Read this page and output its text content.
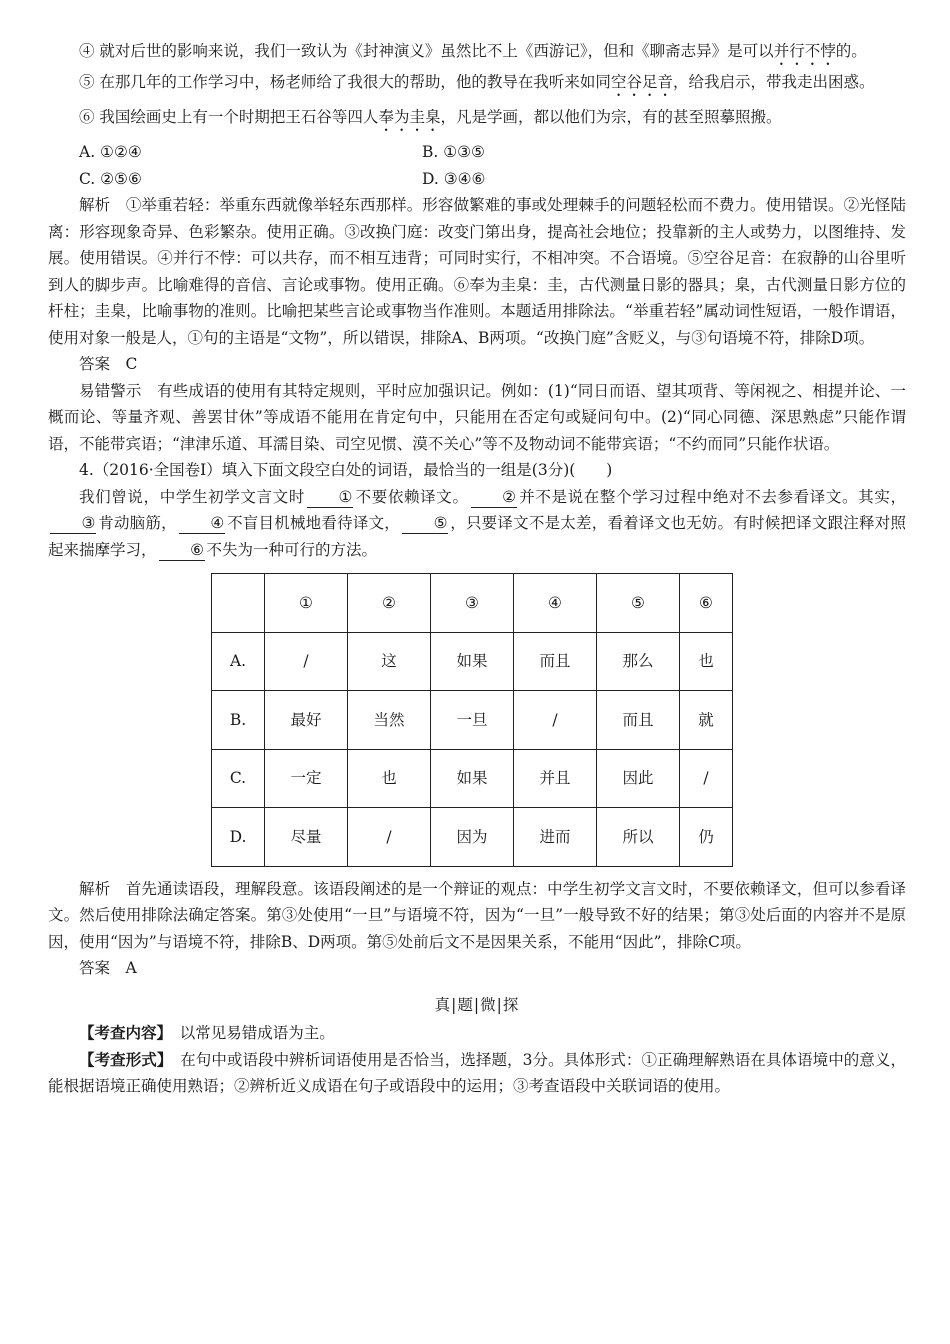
④ 就对后世的影响来说，我们一致认为《封神演义》虽然比不上《西游记》，但和《聊斋志异》是可以并行不悖的。

⑤ 在那几年的工作学习中，杨老师给了我很大的帮助，他的教导在我听来如同空谷足音，给我启示，带我走出困惑。

⑥ 我国绘画史上有一个时期把王石谷等四人奉为圭臬，凡是学画，都以他们为宗，有的甚至照摹照搬。

A. ①②④	B. ①③⑤
C. ②⑤⑥	D. ③④⑥

解析　①举重若轻：举重东西就像举轻东西那样。形容做繁难的事或处理棘手的问题轻松而不费力。使用错误。②光怪陆离：形容现象奇异、色彩繁杂。使用正确。③改换门庭：改变门第出身，提高社会地位；投靠新的主人或势力，以图维持、发展。使用错误。④并行不悖：可以共存，而不相互违背；可同时实行，不相冲突。不合语境。⑤空谷足音：在寂静的山谷里听到人的脚步声。比喻难得的音信、言论或事物。使用正确。⑥奉为圭臬：圭，古代测量日影的器具；臬，古代测量日影方位的杆柱；圭臬，比喻事物的准则。比喻把某些言论或事物当作准则。本题适用排除法。“举重若轻”属动词性短语，一般作谓语，使用对象一般是人，①句的主语是“文物”，所以错误，排除A、B两项。“改换门庭”含贬义，与③句语境不符，排除D项。

答案　C

易错警示　有些成语的使用有其特定规则，平时应加强识记。例如：(1)“同日而语、望其项背、等闲视之、相提并论、一概而论、等量齐观、善罢甘休”等成语不能用在肯定句中，只能用在否定句或疑问句中。(2)“同心同德、深思熟虑”只能作谓语，不能带宾语；“津津乐道、耳濡目染、司空见惯、漠不关心”等不及物动词不能带宾语；“不约而同”只能作状语。

4.（2016·全国卷Ⅰ）填入下面文段空白处的词语，最恰当的一组是(3分)(　　)

我们曾说，中学生初学文言文时 ① 不要依赖译文。 ② 并不是说在整个学习过程中绝对不去参看译文。其实，③ 肯动脑筋， ④ 不盲目机械地看待译文， ⑤ ，只要译文不是太差，看着译文也无妨。有时候把译文跟注释对照起来揣摩学习， ⑥ 不失为一种可行的方法。

	①	②	③	④	⑤	⑥
A.	/	这	如果	而且	那么	也
B.	最好	当然	一旦	/	而且	就
C.	一定	也	如果	并且	因此	/
D.	尽量	/	因为	进而	所以	仍

解析　首先通读语段，理解段意。该语段阐述的是一个辩证的观点：中学生初学文言文时，不要依赖译文，但可以参看译文。然后使用排除法确定答案。第③处使用“一旦”与语境不符，因为“一旦”一般导致不好的结果；第③处后面的内容并不是原因，使用“因为”与语境不符，排除B、D两项。第⑤处前后文不是因果关系，不能用“因此”，排除C项。

答案　A

真|题|微|探

【考查内容】　以常见易错成语为主。

【考查形式】　在句中或语段中辨析词语使用是否恰当，选择题，3分。具体形式：①正确理解熟语在具体语境中的意义，能根据语境正确使用熟语；②辨析近义成语在句子或语段中的运用；③考查语段中关联词语的使用。
